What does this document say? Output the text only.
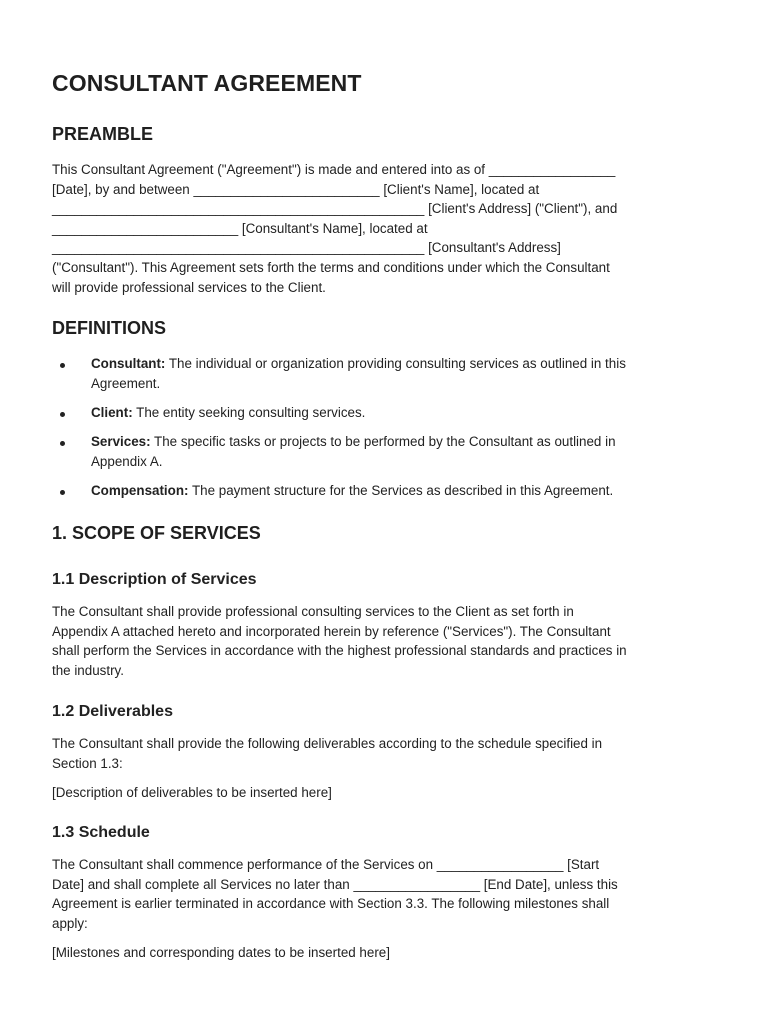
CONSULTANT AGREEMENT
PREAMBLE
This Consultant Agreement ("Agreement") is made and entered into as of _________________
[Date], by and between _________________________ [Client's Name], located at
__________________________________________________ [Client's Address] ("Client"), and
_________________________ [Consultant's Name], located at
__________________________________________________ [Consultant's Address]
("Consultant"). This Agreement sets forth the terms and conditions under which the Consultant
will provide professional services to the Client.
DEFINITIONS
Consultant: The individual or organization providing consulting services as outlined in this
Agreement.
Client: The entity seeking consulting services.
Services: The specific tasks or projects to be performed by the Consultant as outlined in
Appendix A.
Compensation: The payment structure for the Services as described in this Agreement.
1. SCOPE OF SERVICES
1.1 Description of Services
The Consultant shall provide professional consulting services to the Client as set forth in
Appendix A attached hereto and incorporated herein by reference ("Services"). The Consultant
shall perform the Services in accordance with the highest professional standards and practices in
the industry.
1.2 Deliverables
The Consultant shall provide the following deliverables according to the schedule specified in
Section 1.3:
[Description of deliverables to be inserted here]
1.3 Schedule
The Consultant shall commence performance of the Services on _________________ [Start
Date] and shall complete all Services no later than _________________ [End Date], unless this
Agreement is earlier terminated in accordance with Section 3.3. The following milestones shall
apply:
[Milestones and corresponding dates to be inserted here]
